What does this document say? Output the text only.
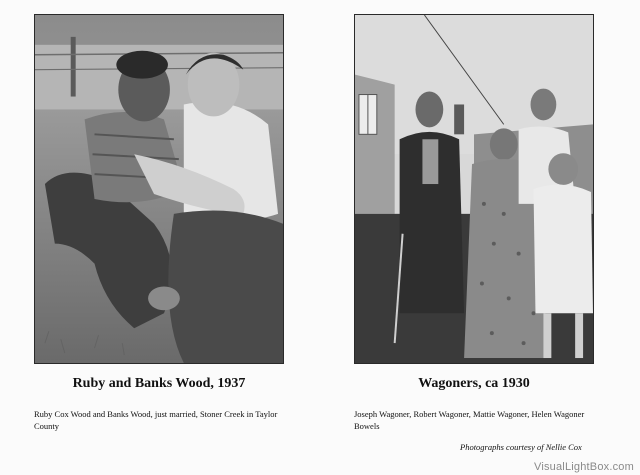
Ruby and Banks Wood, 1937	Wagoners, ca 1930
Ruby Cox Wood and Banks Wood, just married, Stoner Creek in Taylor County
Joseph Wagoner, Robert Wagoner, Mattie Wagoner, Helen Wagoner Bowels
Photographs courtesy of Nellie Cox
VisualLightBox.com
